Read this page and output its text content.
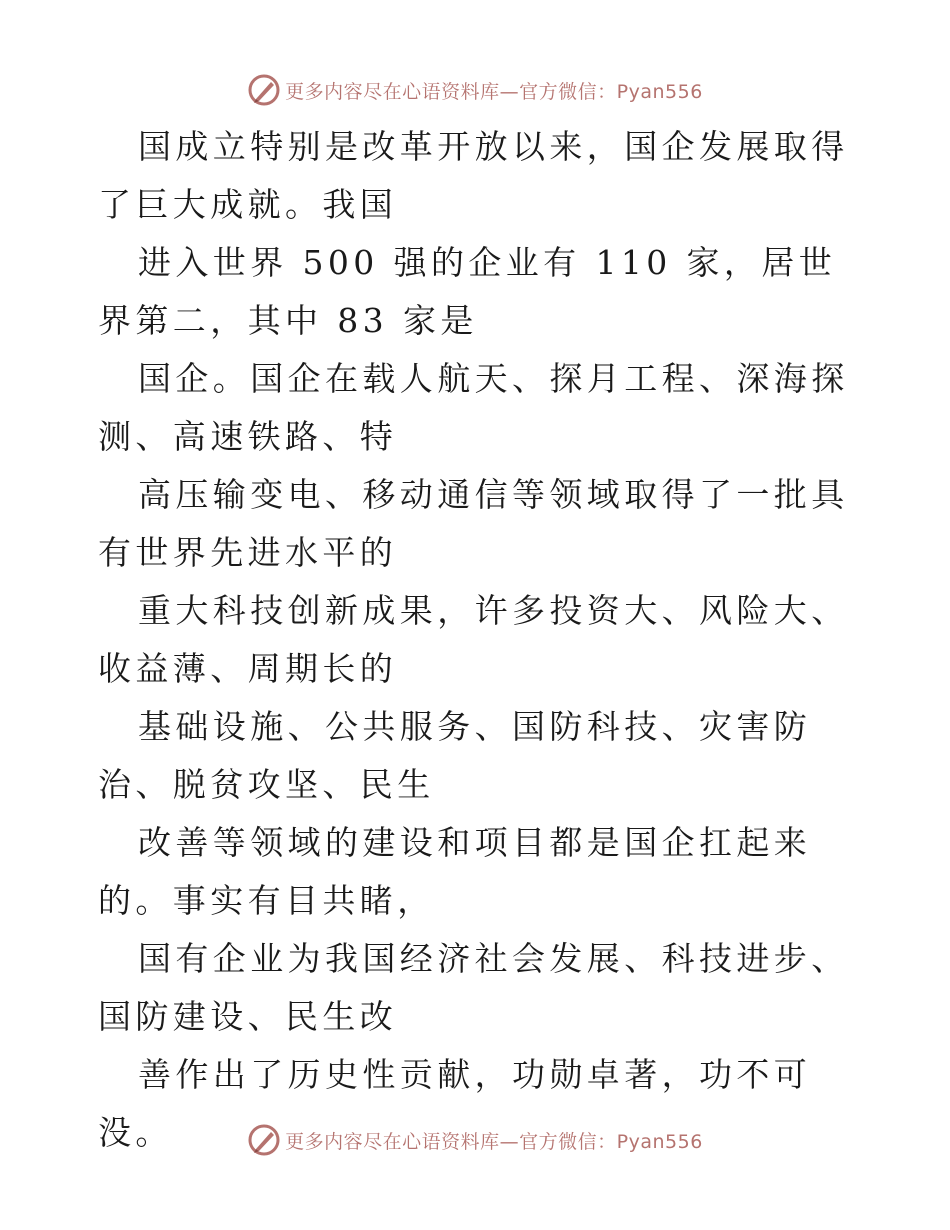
更多内容尽在心语资料库—官方微信：Pyan556

国成立特别是改革开放以来，国企发展取得了巨大成就。我国

进入世界 500 强的企业有 110 家，居世界第二，其中 83 家是

国企。国企在载人航天、探月工程、深海探测、高速铁路、特

高压输变电、移动通信等领域取得了一批具有世界先进水平的

重大科技创新成果，许多投资大、风险大、收益薄、周期长的

基础设施、公共服务、国防科技、灾害防治、脱贫攻坚、民生

改善等领域的建设和项目都是国企扛起来的。事实有目共睹，

国有企业为我国经济社会发展、科技进步、国防建设、民生改

善作出了历史性贡献，功勋卓著，功不可没。	更多内容尽在心语资料库—官方微信：Pyan556
